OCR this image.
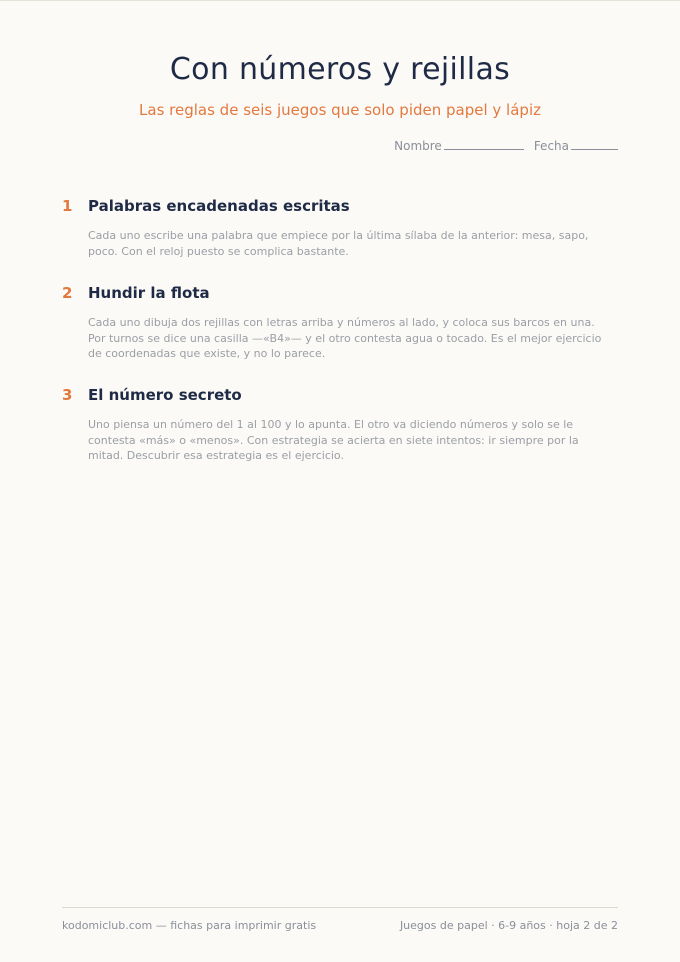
Con números y rejillas

Las reglas de seis juegos que solo piden papel y lápiz

Nombre	Fecha
1	Palabras encadenadas escritas

Cada uno escribe una palabra que empiece por la última sílaba de la anterior: mesa, sapo, poco. Con el reloj puesto se complica bastante.

2	Hundir la flota

Cada uno dibuja dos rejillas con letras arriba y números al lado, y coloca sus barcos en una. Por turnos se dice una casilla —«B4»— y el otro contesta agua o tocado. Es el mejor ejercicio de coordenadas que existe, y no lo parece.

3	El número secreto

Uno piensa un número del 1 al 100 y lo apunta. El otro va diciendo números y solo se le contesta «más» o «menos». Con estrategia se acierta en siete intentos: ir siempre por la mitad. Descubrir esa estrategia es el ejercicio.

kodomiclub.com — fichas para imprimir gratis	Juegos de papel · 6-9 años · hoja 2 de 2
